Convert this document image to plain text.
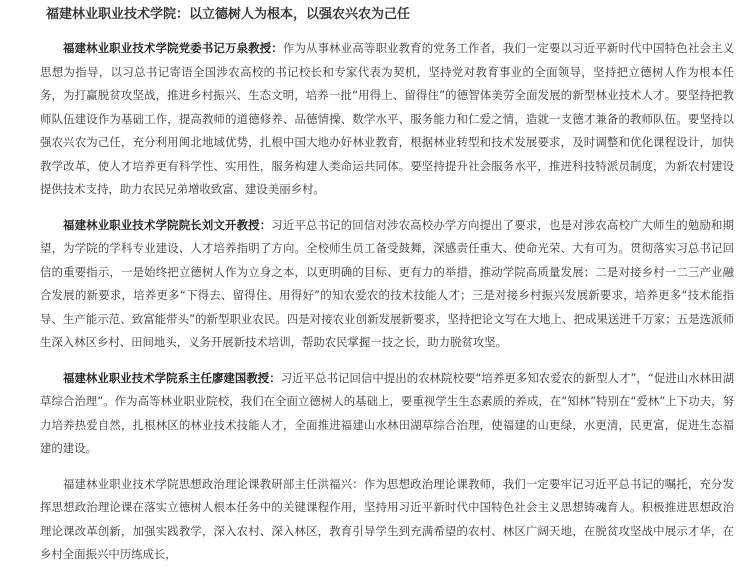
福建林业职业技术学院：以立德树人为根本，以强农兴农为己任

福建林业职业技术学院党委书记万泉教授：作为从事林业高等职业教育的党务工作者，我们一定要以习近平新时代中国特色社会主义思想为指导，以习总书记寄语全国涉农高校的书记校长和专家代表为契机，坚持党对教育事业的全面领导，坚持把立德树人作为根本任务，为打赢脱贫攻坚战，推进乡村振兴、生态文明，培养一批“用得上、留得住”的德智体美劳全面发展的新型林业技术人才。要坚持把教师队伍建设作为基础工作，提高教师的道德修养、品德情操、数学水平、服务能力和仁爱之情，造就一支德才兼备的教师队伍。要坚持以强农兴农为己任，充分利用闽北地域优势，扎根中国大地办好林业教育，根据林业转型和技术发展要求，及时调整和优化课程设计，加快教学改革，使人才培养更有科学性、实用性，服务构建人类命运共同体。要坚持提升社会服务水平，推进科技特派员制度，为新农村建设提供技术支持，助力农民兄弟增收致富、建设美丽乡村。

福建林业职业技术学院院长刘文开教授：习近平总书记的回信对涉农高校办学方向提出了要求，也是对涉农高校广大师生的勉励和期望，为学院的学科专业建设、人才培养指明了方向。全校师生员工备受鼓舞，深感责任重大、使命光荣、大有可为。贯彻落实习总书记回信的重要指示，一是始终把立德树人作为立身之本，以更明确的目标、更有力的举措，推动学院高质量发展；二是对接乡村一二三产业融合发展的新要求，培养更多“下得去、留得住、用得好”的知农爱农的技术技能人才；三是对接乡村振兴发展新要求，培养更多“技术能指导、生产能示范、致富能带头”的新型职业农民。四是对接农业创新发展新要求，坚持把论文写在大地上、把成果送进千万家；五是选派师生深入林区乡村、田间地头，义务开展新技术培训，帮助农民掌握一技之长，助力脱贫攻坚。

福建林业职业技术学院系主任廖建国教授：习近平总书记回信中提出的农林院校要“培养更多知农爱农的新型人才”，“促进山水林田湖草综合治理”。作为高等林业职业院校，我们在全面立德树人的基础上，要重视学生生态素质的养成，在“知林”特别在“爱林”上下功夫，努力培养热爱自然，扎根林区的林业技术技能人才，全面推进福建山水林田湖草综合治理，使福建的山更绿，水更清，民更富，促进生态福建的建设。

福建林业职业技术学院思想政治理论课教研部主任洪福兴：作为思想政治理论课教师，我们一定要牢记习近平总书记的嘱托，充分发挥思想政治理论课在落实立德树人根本任务中的关键课程作用，坚持用习近平新时代中国特色社会主义思想铸魂育人。积极推进思想政治理论课改革创新，加强实践教学，深入农村、深入林区，教育引导学生到充满希望的农村、林区广阔天地，在脱贫攻坚战中展示才华，在乡村全面振兴中历练成长，
